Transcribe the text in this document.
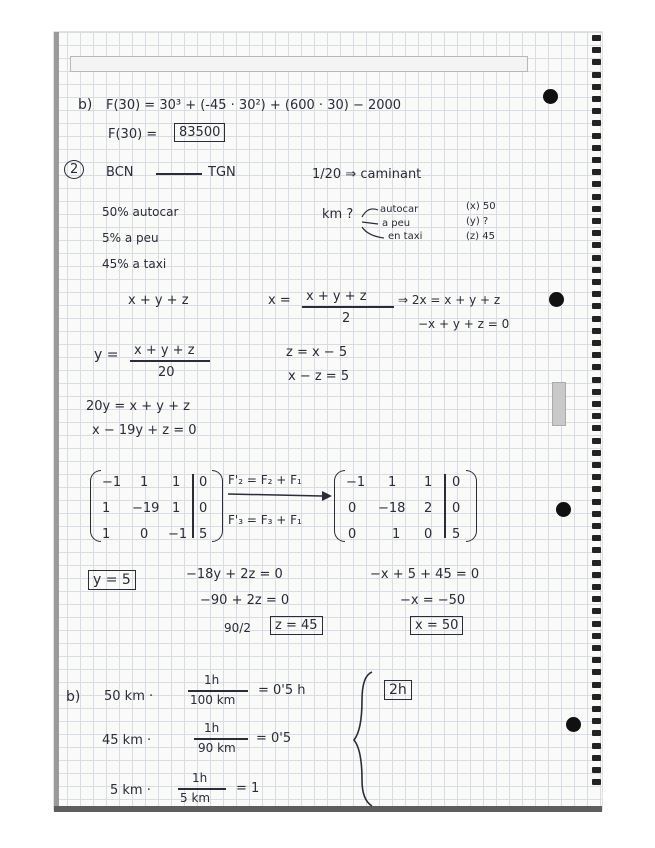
b) F(30) = 30³ + (-45 · 30²) + (600 · 30) − 2000

F(30) =	83500

2	BCN	TGN	1/20 ⇒ caminant

50% autocar

5% a peu

45% a taxi

km ?	autocar

a peu

en taxi

(x) 50

(y) ?

(z) 45

x + y + z	x = x + y + z

2

⇒ 2x = x + y + z

−x + y + z = 0

y = x + y + z

20

z = x − 5

x − z = 5

20y = x + y + z

x − 19y + z = 0

−1 1 1 0

1 −19 1 0

1 0 −1 5

F'₂ = F₂ + F₁

F'₃ = F₃ + F₁

−1 1 1 0

0 −18 2 0

0	1 0 5

y = 5	−18y + 2z = 0

−90 + 2z = 0

90/2	z = 45

−x + 5 + 45 = 0

−x = −50

x = 50

b) 50 km ·

1h

100 km

= 0'5 h

45 km ·

1h

90 km

= 0'5

5 km ·

1h

5 km

= 1

2h
